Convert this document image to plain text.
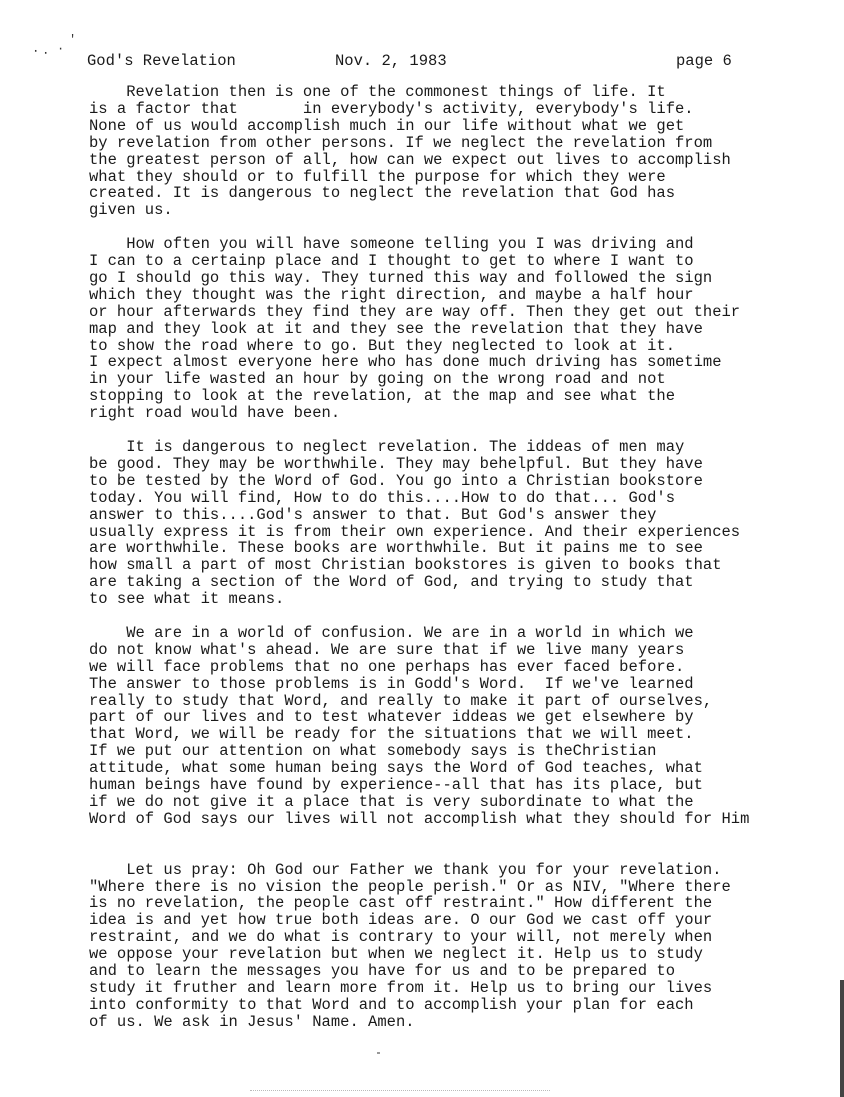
⋅ ⋅ ·
′
God's Revelation	Nov. 2, 1983	page 6
Revelation then is one of the commonest things of life. It
is a factor that       in everybody's activity, everybody's life.
None of us would accomplish much in our life without what we get
by revelation from other persons. If we neglect the revelation from
the greatest person of all, how can we expect out lives to accomplish
what they should or to fulfill the purpose for which they were
created. It is dangerous to neglect the revelation that God has
given us.
How often you will have someone telling you I was driving and
I can to a certainp place and I thought to get to where I want to
go I should go this way. They turned this way and followed the sign
which they thought was the right direction, and maybe a half hour
or hour afterwards they find they are way off. Then they get out their
map and they look at it and they see the revelation that they have
to show the road where to go. But they neglected to look at it.
I expect almost everyone here who has done much driving has sometime
in your life wasted an hour by going on the wrong road and not
stopping to look at the revelation, at the map and see what the
right road would have been.
It is dangerous to neglect revelation. The iddeas of men may
be good. They may be worthwhile. They may behelpful. But they have
to be tested by the Word of God. You go into a Christian bookstore
today. You will find, How to do this....How to do that... God's
answer to this....God's answer to that. But God's answer they
usually express it is from their own experience. And their experiences
are worthwhile. These books are worthwhile. But it pains me to see
how small a part of most Christian bookstores is given to books that
are taking a section of the Word of God, and trying to study that
to see what it means.
We are in a world of confusion. We are in a world in which we
do not know what's ahead. We are sure that if we live many years
we will face problems that no one perhaps has ever faced before.
The answer to those problems is in Godd's Word.  If we've learned
really to study that Word, and really to make it part of ourselves,
part of our lives and to test whatever iddeas we get elsewhere by
that Word, we will be ready for the situations that we will meet.
If we put our attention on what somebody says is theChristian
attitude, what some human being says the Word of God teaches, what
human beings have found by experience--all that has its place, but
if we do not give it a place that is very subordinate to what the
Word of God says our lives will not accomplish what they should for Him
Let us pray: Oh God our Father we thank you for your revelation.
"Where there is no vision the people perish." Or as NIV, "Where there
is no revelation, the people cast off restraint." How different the
idea is and yet how true both ideas are. O our God we cast off your
restraint, and we do what is contrary to your will, not merely when
we oppose your revelation but when we neglect it. Help us to study
and to learn the messages you have for us and to be prepared to
study it fruther and learn more from it. Help us to bring our lives
into conformity to that Word and to accomplish your plan for each
of us. We ask in Jesus' Name. Amen.
